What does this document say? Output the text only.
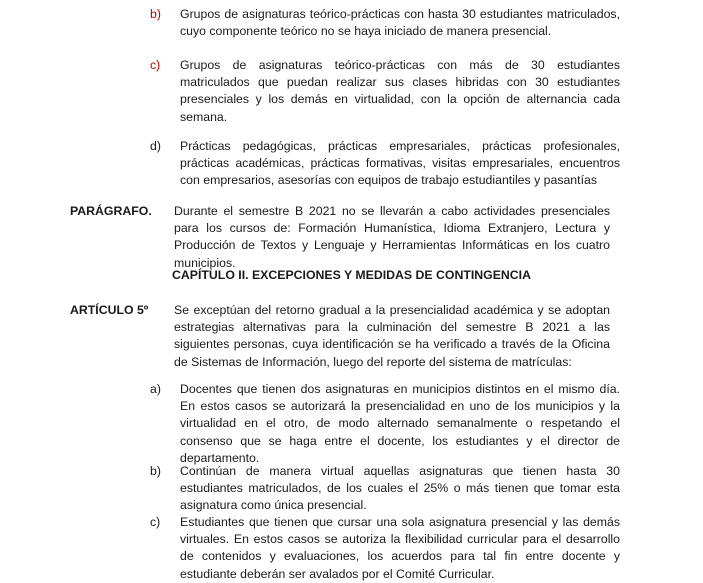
b) Grupos de asignaturas teórico-prácticas con hasta 30 estudiantes matriculados, cuyo componente teórico no se haya iniciado de manera presencial.
c) Grupos de asignaturas teórico-prácticas con más de 30 estudiantes matriculados que puedan realizar sus clases hibridas con 30 estudiantes presenciales y los demás en virtualidad, con la opción de alternancia cada semana.
d) Prácticas pedagógicas, prácticas empresariales, prácticas profesionales, prácticas académicas, prácticas formativas, visitas empresariales, encuentros con empresarios, asesorías con equipos de trabajo estudiantiles y pasantías
PARÁGRAFO. Durante el semestre B 2021 no se llevarán a cabo actividades presenciales para los cursos de: Formación Humanística, Idioma Extranjero, Lectura y Producción de Textos y Lenguaje y Herramientas Informáticas en los cuatro municipios.
CAPÍTULO II. EXCEPCIONES Y MEDIDAS DE CONTINGENCIA
ARTÍCULO 5º Se exceptúan del retorno gradual a la presencialidad académica y se adoptan estrategias alternativas para la culminación del semestre B 2021 a las siguientes personas, cuya identificación se ha verificado a través de la Oficina de Sistemas de Información, luego del reporte del sistema de matrículas:
a) Docentes que tienen dos asignaturas en municipios distintos en el mismo día. En estos casos se autorizará la presencialidad en uno de los municipios y la virtualidad en el otro, de modo alternado semanalmente o respetando el consenso que se haga entre el docente, los estudiantes y el director de departamento.
b) Continúan de manera virtual aquellas asignaturas que tienen hasta 30 estudiantes matriculados, de los cuales el 25% o más tienen que tomar esta asignatura como única presencial.
c) Estudiantes que tienen que cursar una sola asignatura presencial y las demás virtuales. En estos casos se autoriza la flexibilidad curricular para el desarrollo de contenidos y evaluaciones, los acuerdos para tal fin entre docente y estudiante deberán ser avalados por el Comité Curricular.
